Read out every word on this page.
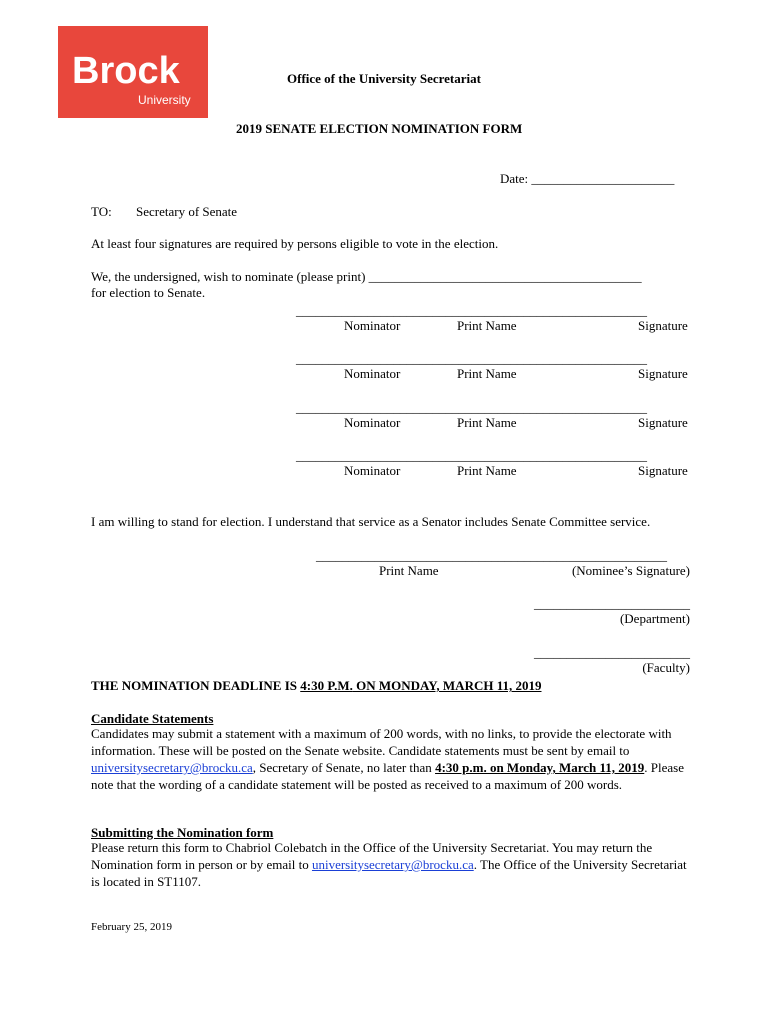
Brock
University
Office of the University Secretariat
2019 SENATE ELECTION NOMINATION FORM
Date: ______________________
TO: Secretary of Senate
At least four signatures are required by persons eligible to vote in the election.
We, the undersigned, wish to nominate (please print) __________________________________________
for election to Senate.
______________________________________________________
Nominator	Print Name	Signature
______________________________________________________
Nominator	Print Name	Signature
______________________________________________________
Nominator	Print Name	Signature
______________________________________________________
Nominator	Print Name	Signature
I am willing to stand for election. I understand that service as a Senator includes Senate Committee service.
______________________________________________________
Print Name	(Nominee’s Signature)
________________________
(Department)
________________________
(Faculty)
THE NOMINATION DEADLINE IS 4:30 P.M. ON MONDAY, MARCH 11, 2019
Candidate Statements
Candidates may submit a statement with a maximum of 200 words, with no links, to provide the electorate with information. These will be posted on the Senate website. Candidate statements must be sent by email to universitysecretary@brocku.ca, Secretary of Senate, no later than 4:30 p.m. on Monday, March 11, 2019. Please note that the wording of a candidate statement will be posted as received to a maximum of 200 words.
Submitting the Nomination form
Please return this form to Chabriol Colebatch in the Office of the University Secretariat. You may return the Nomination form in person or by email to universitysecretary@brocku.ca. The Office of the University Secretariat is located in ST1107.
February 25, 2019
